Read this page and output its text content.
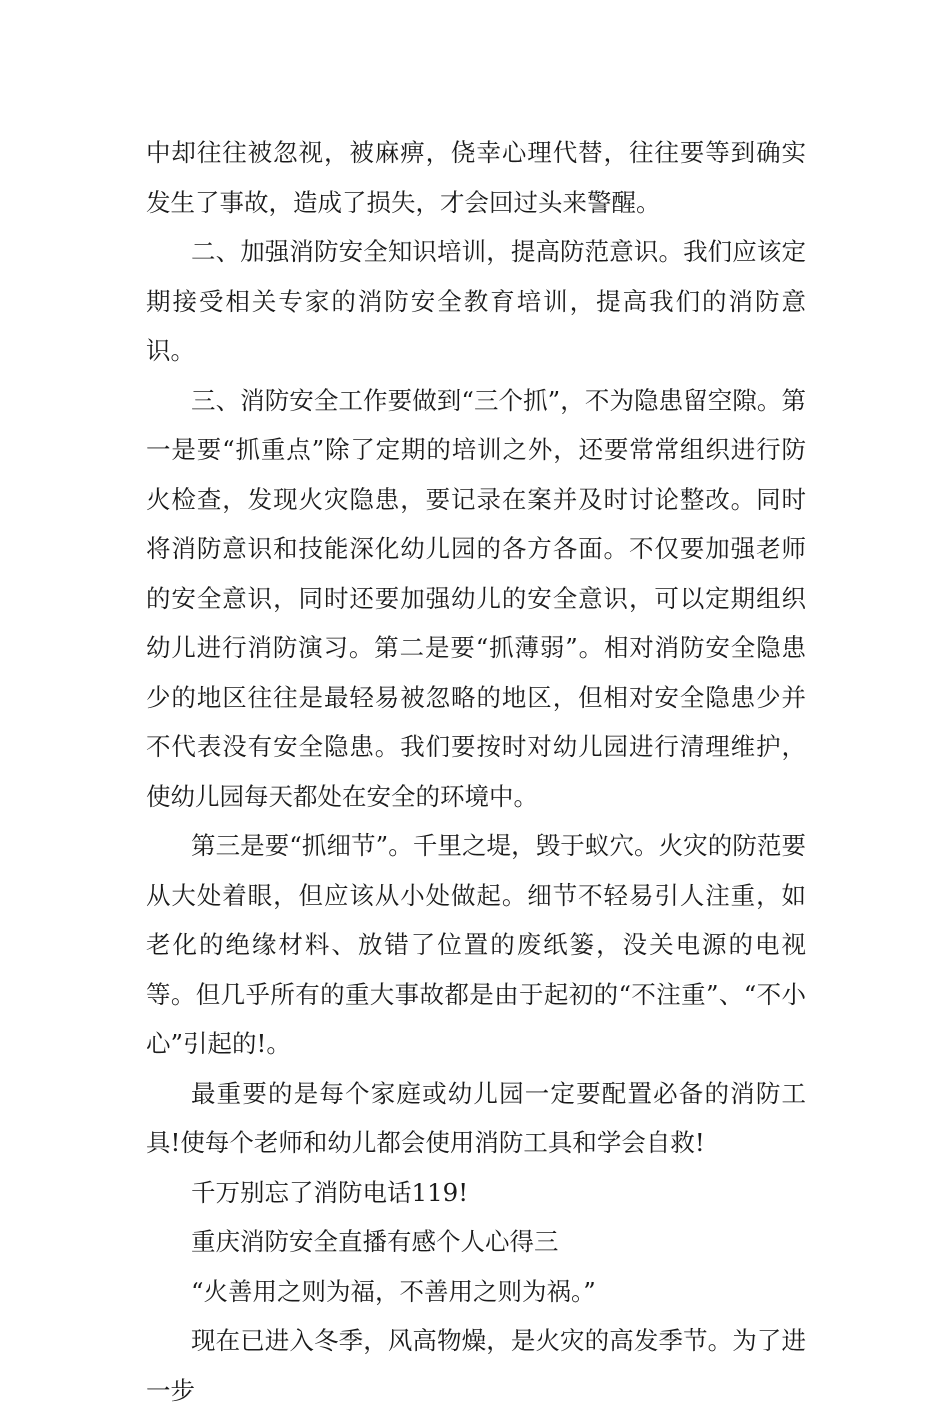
中却往往被忽视，被麻痹，侥幸心理代替，往往要等到确实发生了事故，造成了损失，才会回过头来警醒。

二、加强消防安全知识培训，提高防范意识。我们应该定期接受相关专家的消防安全教育培训，提高我们的消防意识。

三、消防安全工作要做到“三个抓”，不为隐患留空隙。第一是要“抓重点”除了定期的培训之外，还要常常组织进行防火检查，发现火灾隐患，要记录在案并及时讨论整改。同时将消防意识和技能深化幼儿园的各方各面。不仅要加强老师的安全意识，同时还要加强幼儿的安全意识，可以定期组织幼儿进行消防演习。第二是要“抓薄弱”。相对消防安全隐患少的地区往往是最轻易被忽略的地区，但相对安全隐患少并不代表没有安全隐患。我们要按时对幼儿园进行清理维护，使幼儿园每天都处在安全的环境中。

第三是要“抓细节”。千里之堤，毁于蚁穴。火灾的防范要从大处着眼，但应该从小处做起。细节不轻易引人注重，如老化的绝缘材料、放错了位置的废纸篓，没关电源的电视等。但几乎所有的重大事故都是由于起初的“不注重”、“不小心”引起的!。

最重要的是每个家庭或幼儿园一定要配置必备的消防工具!使每个老师和幼儿都会使用消防工具和学会自救!

千万别忘了消防电话119!

重庆消防安全直播有感个人心得三

“火善用之则为福，不善用之则为祸。”

现在已进入冬季，风高物燥，是火灾的高发季节。为了进一步
